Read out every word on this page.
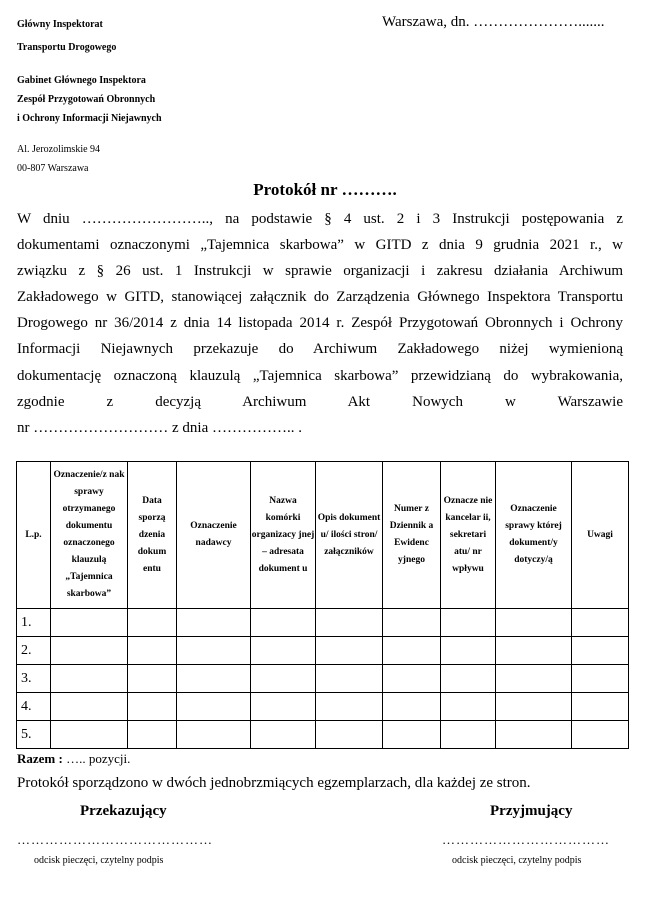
Główny Inspektorat
Transportu Drogowego
Gabinet Głównego Inspektora
Zespół Przygotowań Obronnych
i Ochrony Informacji Niejawnych
Al. Jerozolimskie 94
00-807 Warszawa
Warszawa, dn. ………………….......
Protokół nr ……….

W dniu …………………….., na podstawie § 4 ust. 2 i 3 Instrukcji postępowania z

dokumentami oznaczonymi „Tajemnica skarbowa” w GITD z dnia 9 grudnia 2021 r., w

związku z § 26 ust. 1 Instrukcji w sprawie organizacji i zakresu działania Archiwum

Zakładowego w GITD, stanowiącej załącznik do Zarządzenia Głównego Inspektora Transportu

Drogowego nr 36/2014 z dnia 14 listopada 2014 r. Zespół Przygotowań Obronnych i Ochrony

Informacji Niejawnych przekazuje do Archiwum Zakładowego niżej wymienioną

dokumentację oznaczoną klauzulą „Tajemnica skarbowa” przewidzianą do wybrakowania,

zgodnie z decyzją Archiwum Akt Nowych w Warszawie

nr ……………………… z dnia …………….. .

L.p.	Oznaczenie/z nak sprawy otrzymanego dokumentu oznaczonego klauzulą „Tajemnica skarbowa”	Data sporzą dzenia dokum entu	Oznaczenie nadawcy	Nazwa komórki organizacy jnej – adresata dokument u	Opis dokument u/ ilości stron/ załączników	Numer z Dziennik a Ewidenc yjnego	Oznacze nie kancelar ii, sekretari atu/ nr wpływu	Oznaczenie sprawy której dokument/y dotyczy/ą	Uwagi
1.									
2.									
3.									
4.									
5.									
Razem : ….. pozycji.
Protokół sporządzono w dwóch jednobrzmiących egzemplarzach, dla każdej ze stron.
Przekazujący	Przyjmujący
……………………………………	………………………………
odcisk pieczęci, czytelny podpis	odcisk pieczęci, czytelny podpis
